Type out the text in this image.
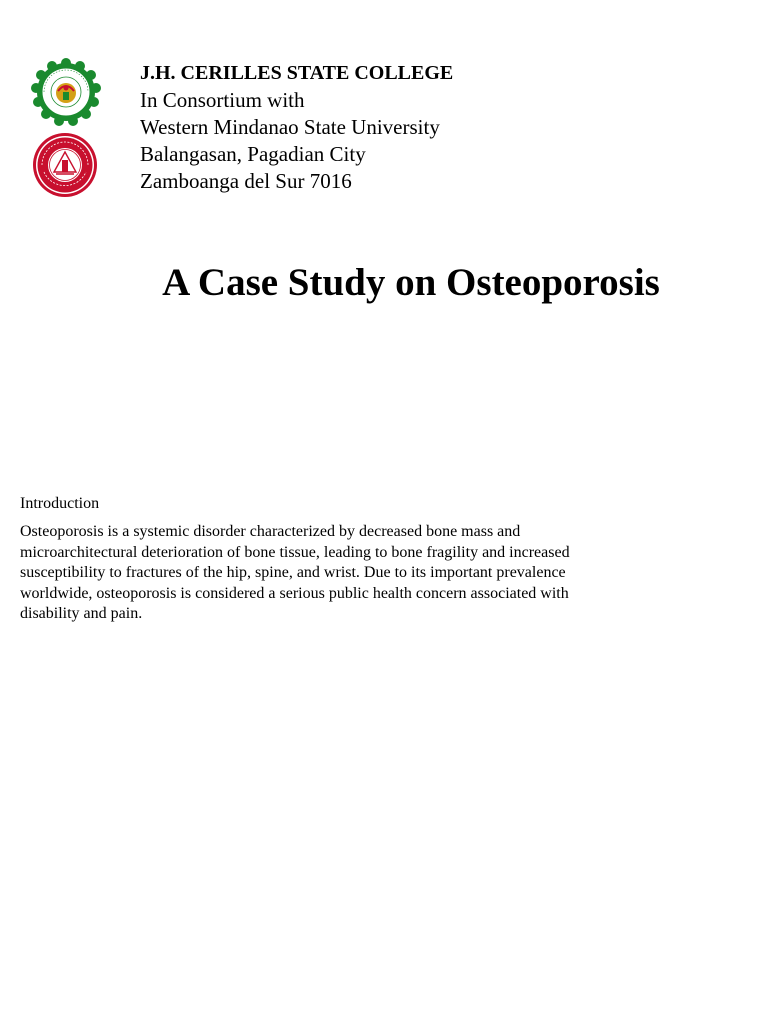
J.H. CERILLES STATE COLLEGE
In Consortium with
Western Mindanao State University
Balangasan, Pagadian City
Zamboanga del Sur 7016
A Case Study on Osteoporosis
Introduction
Osteoporosis is a systemic disorder characterized by decreased bone mass and
microarchitectural deterioration of bone tissue, leading to bone fragility and increased
susceptibility to fractures of the hip, spine, and wrist. Due to its important prevalence
worldwide, osteoporosis is considered a serious public health concern associated with
disability and pain.
